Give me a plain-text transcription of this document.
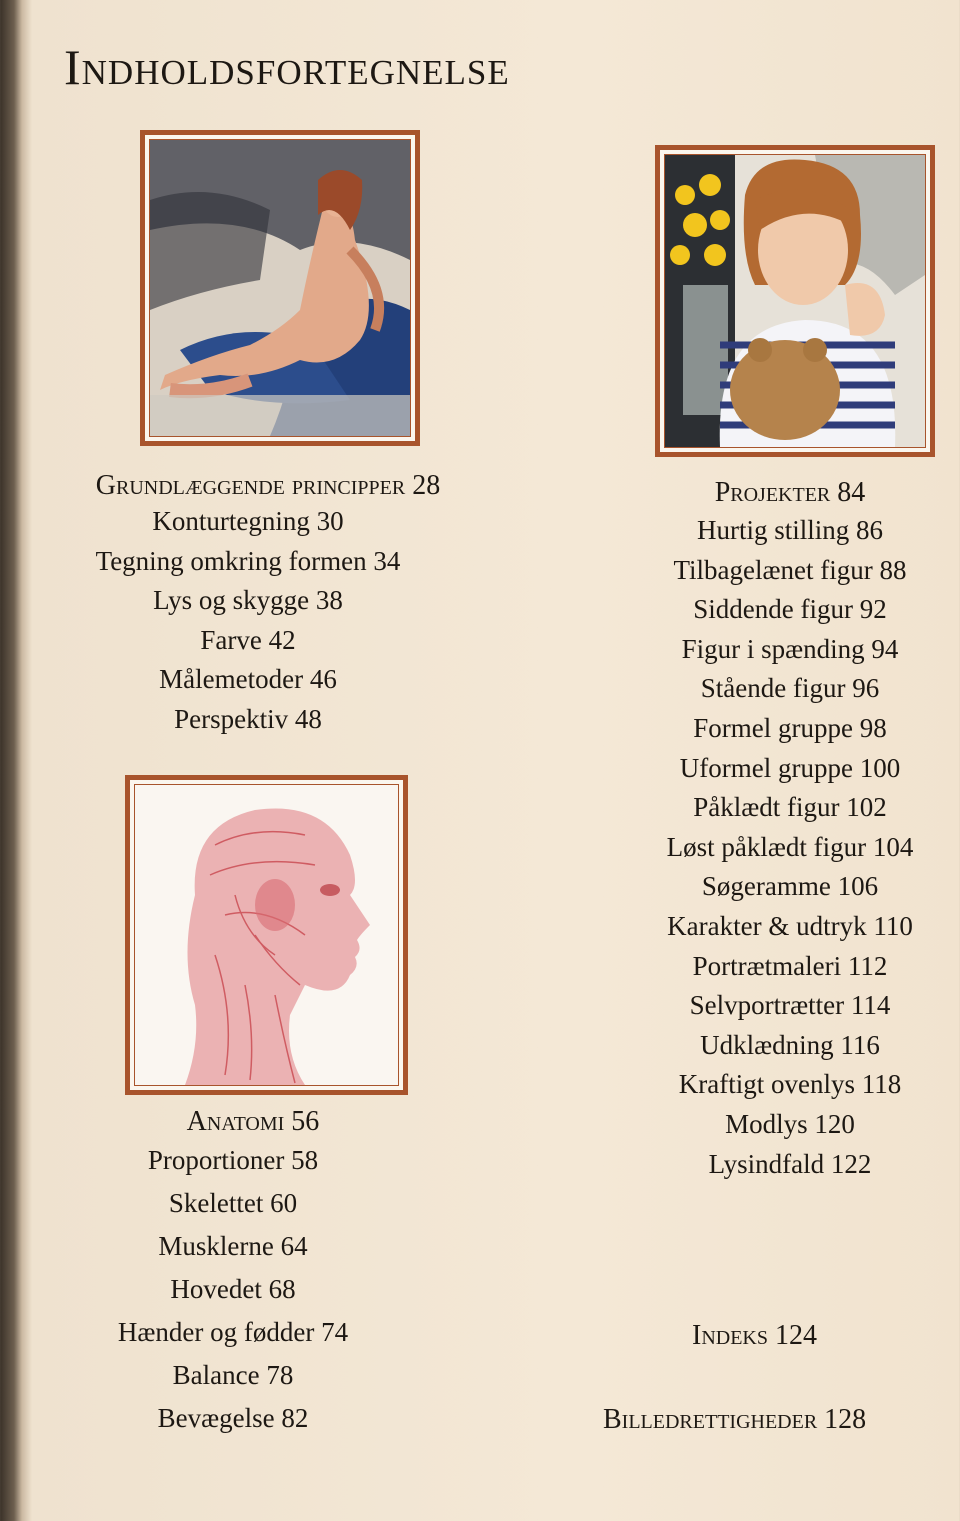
Indholdsfortegnelse
Grundlæggende principper 28
Konturtegning 30
Tegning omkring formen 34
Lys og skygge 38
Farve 42
Målemetoder 46
Perspektiv 48
Anatomi 56
Proportioner 58
Skelettet 60
Musklerne 64
Hovedet 68
Hænder og fødder 74
Balance 78
Bevægelse 82
Projekter 84
Hurtig stilling 86
Tilbagelænet figur 88
Siddende figur 92
Figur i spænding 94
Stående figur 96
Formel gruppe 98
Uformel gruppe 100
Påklædt figur 102
Løst påklædt figur 104
Søgeramme 106
Karakter & udtryk 110
Portrætmaleri 112
Selvportrætter 114
Udklædning 116
Kraftigt ovenlys 118
Modlys 120
Lysindfald 122
Indeks 124
Billedrettigheder 128
